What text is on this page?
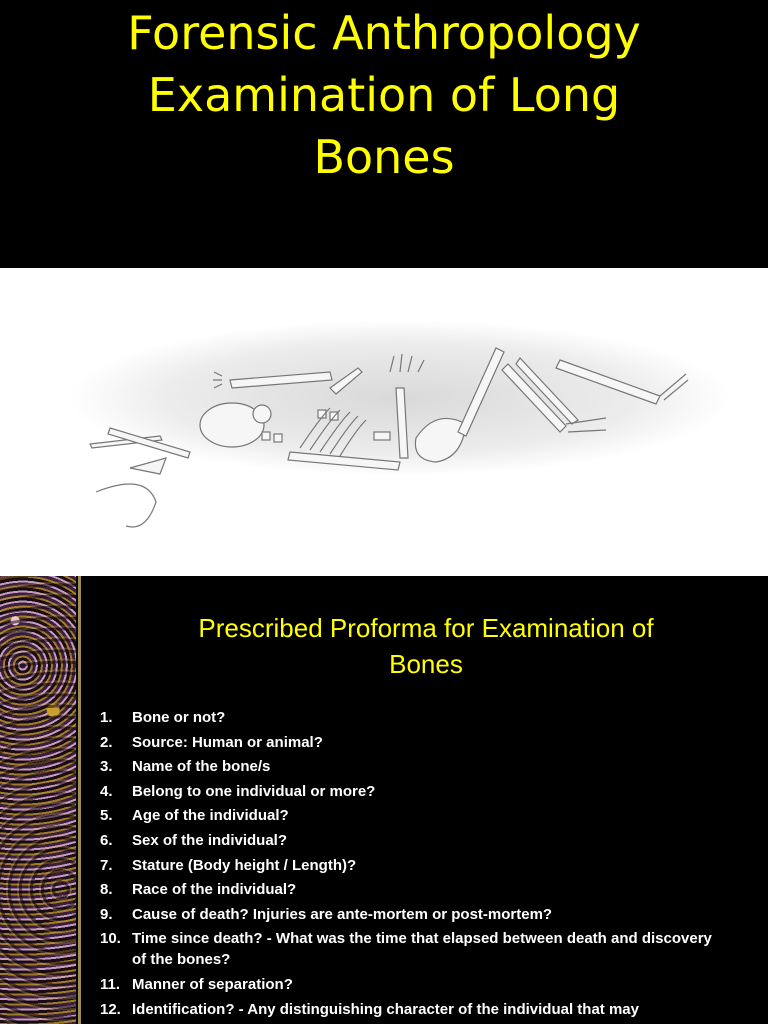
Forensic Anthropology
Examination of Long
Bones
Prescribed Proforma for Examination of
Bones
1.	Bone or not?
2.	Source: Human or animal?
3.	Name of the bone/s
4.	Belong to one individual or more?
5.	Age of the individual?
6.	Sex of the individual?
7.	Stature (Body height / Length)?
8.	Race of the individual?
9.	Cause of death? Injuries are ante-mortem or post-mortem?
10. Time since death? - What was the time that elapsed between death and discovery of the bones?
11. Manner of separation?
12. Identification? - Any distinguishing character of the individual that may
